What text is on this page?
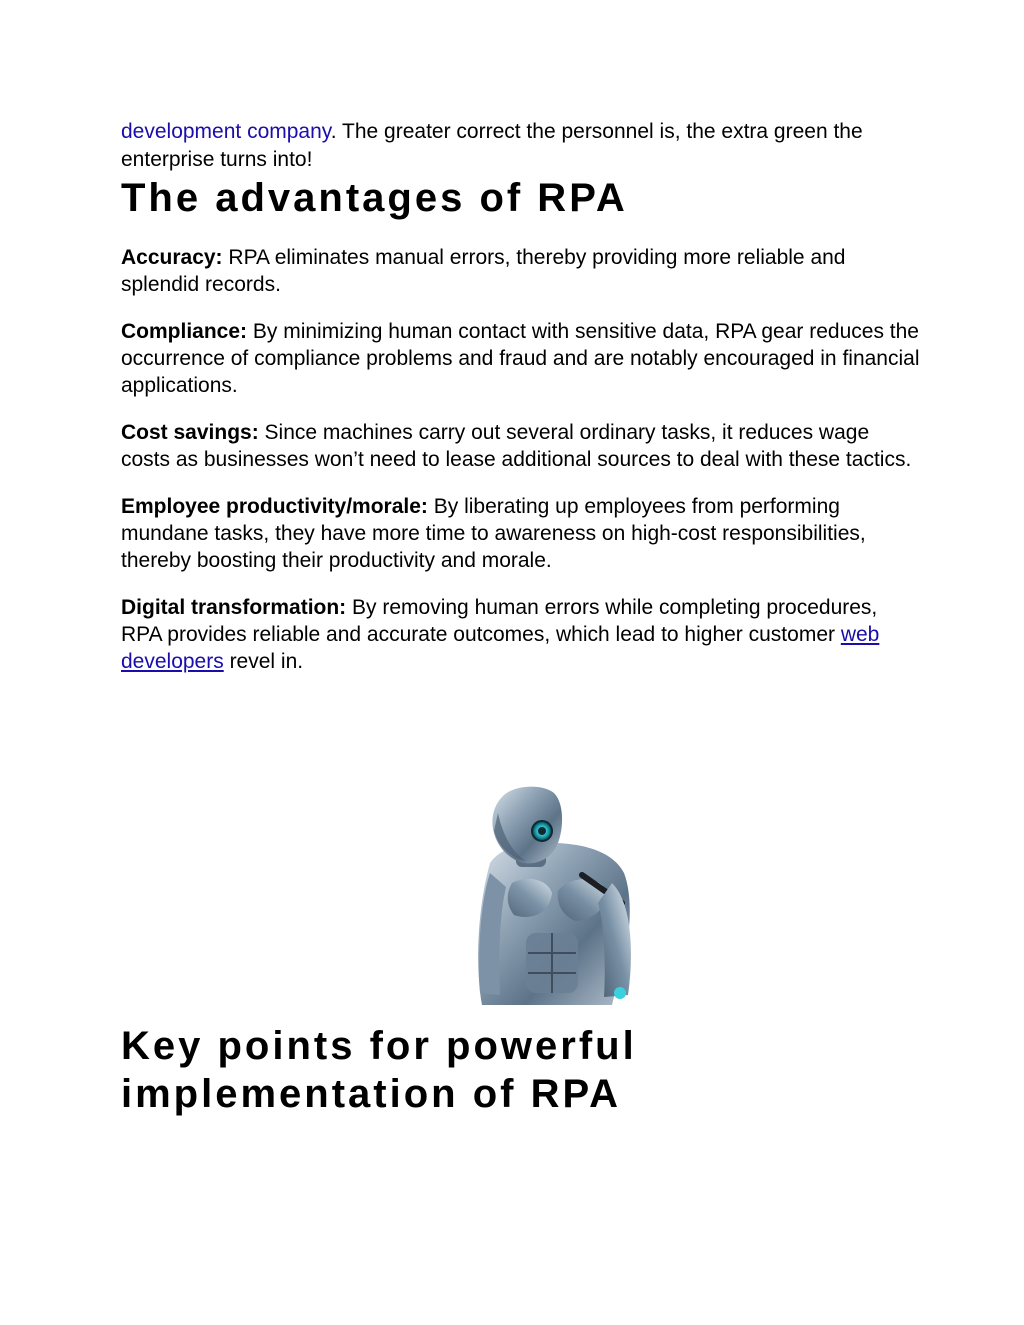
development company. The greater correct the personnel is, the extra green the enterprise turns into!

The advantages of RPA

Accuracy: RPA eliminates manual errors, thereby providing more reliable and splendid records.

Compliance: By minimizing human contact with sensitive data, RPA gear reduces the occurrence of compliance problems and fraud and are notably encouraged in financial applications.

Cost savings: Since machines carry out several ordinary tasks, it reduces wage costs as businesses won’t need to lease additional sources to deal with these tactics.

Employee productivity/morale: By liberating up employees from performing mundane tasks, they have more time to awareness on high-cost responsibilities, thereby boosting their productivity and morale.

Digital transformation: By removing human errors while completing procedures, RPA provides reliable and accurate outcomes, which lead to higher customer web developers revel in.

Key points for powerful implementation of RPA
